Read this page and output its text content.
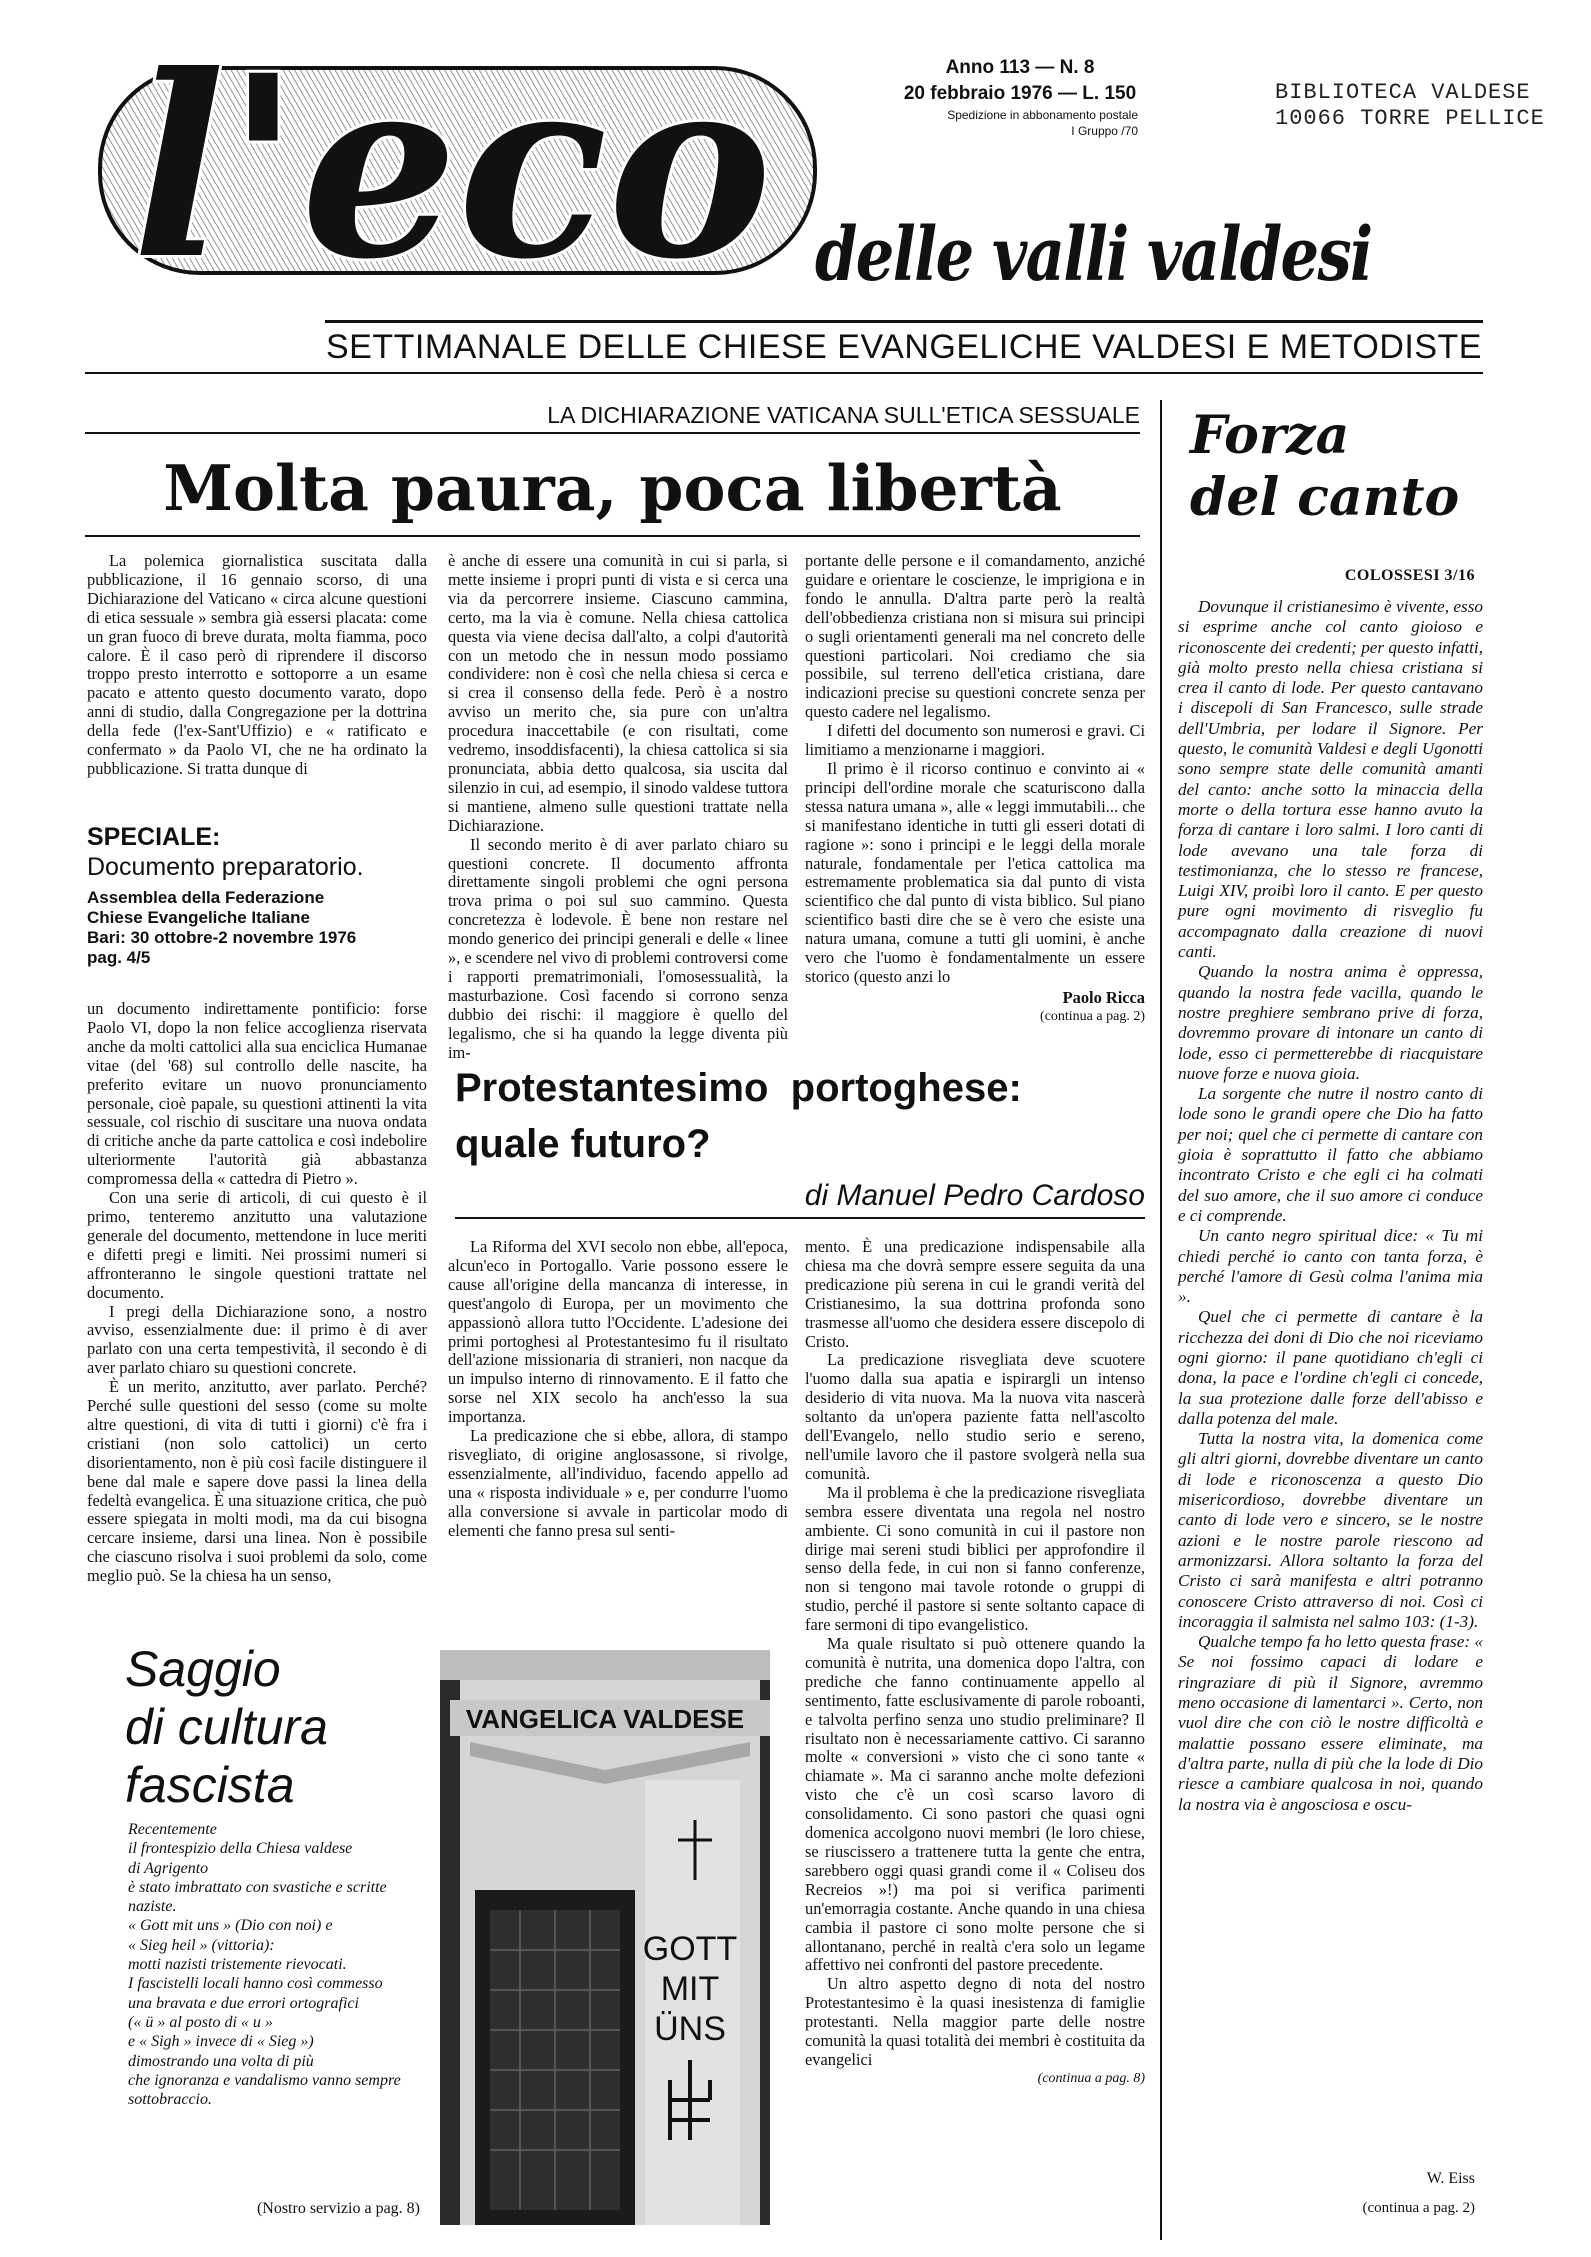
l'eco	Anno 113 — N. 8
20 febbraio 1976 — L. 150
Spedizione in abbonamento postale
I Gruppo /70
BIBLIOTECA VALDESE
10066 TORRE PELLICE
delle valli valdesi
SETTIMANALE DELLE CHIESE EVANGELICHE VALDESI E METODISTE
LA DICHIARAZIONE VATICANA SULL'ETICA SESSUALE
Molta paura, poca libertà

La polemica giornalistica suscitata dalla pubblicazione, il 16 gennaio scorso, di una Dichiarazione del Vaticano « circa alcune questioni di etica sessuale » sembra già essersi placata: come un gran fuoco di breve durata, molta fiamma, poco calore. È il caso però di riprendere il discorso troppo presto interrotto e sottoporre a un esame pacato e attento questo documento varato, dopo anni di studio, dalla Congregazione per la dottrina della fede (l'ex-Sant'Uffizio) e « ratificato e confermato » da Paolo VI, che ne ha ordinato la pubblicazione. Si tratta dunque di

SPECIALE:
Documento preparatorio.
Assemblea della Federazione
Chiese Evangeliche Italiane
Bari: 30 ottobre-2 novembre 1976
pag. 4/5

un documento indirettamente pontificio: forse Paolo VI, dopo la non felice accoglienza riservata anche da molti cattolici alla sua enciclica Humanae vitae (del '68) sul controllo delle nascite, ha preferito evitare un nuovo pronunciamento personale, cioè papale, su questioni attinenti la vita sessuale, col rischio di suscitare una nuova ondata di critiche anche da parte cattolica e così indebolire ulteriormente l'autorità già abbastanza compromessa della « cattedra di Pietro ».

Con una serie di articoli, di cui questo è il primo, tenteremo anzitutto una valutazione generale del documento, mettendone in luce meriti e difetti pregi e limiti. Nei prossimi numeri si affronteranno le singole questioni trattate nel documento.

I pregi della Dichiarazione sono, a nostro avviso, essenzialmente due: il primo è di aver parlato con una certa tempestività, il secondo è di aver parlato chiaro su questioni concrete.

È un merito, anzitutto, aver parlato. Perché? Perché sulle questioni del sesso (come su molte altre questioni, di vita di tutti i giorni) c'è fra i cristiani (non solo cattolici) un certo disorientamento, non è più così facile distinguere il bene dal male e sapere dove passi la linea della fedeltà evangelica. È una situazione critica, che può essere spiegata in molti modi, ma da cui bisogna cercare insieme, darsi una linea. Non è possibile che ciascuno risolva i suoi problemi da solo, come meglio può. Se la chiesa ha un senso,

è anche di essere una comunità in cui si parla, si mette insieme i propri punti di vista e si cerca una via da percorrere insieme. Ciascuno cammina, certo, ma la via è comune. Nella chiesa cattolica questa via viene decisa dall'alto, a colpi d'autorità con un metodo che in nessun modo possiamo condividere: non è così che nella chiesa si cerca e si crea il consenso della fede. Però è a nostro avviso un merito che, sia pure con un'altra procedura inaccettabile (e con risultati, come vedremo, insoddisfacenti), la chiesa cattolica si sia pronunciata, abbia detto qualcosa, sia uscita dal silenzio in cui, ad esempio, il sinodo valdese tuttora si mantiene, almeno sulle questioni trattate nella Dichiarazione.

Il secondo merito è di aver parlato chiaro su questioni concrete. Il documento affronta direttamente singoli problemi che ogni persona trova prima o poi sul suo cammino. Questa concretezza è lodevole. È bene non restare nel mondo generico dei principi generali e delle « linee », e scendere nel vivo di problemi controversi come i rapporti prematrimoniali, l'omosessualità, la masturbazione. Così facendo si corrono senza dubbio dei rischi: il maggiore è quello del legalismo, che si ha quando la legge diventa più im-

portante delle persone e il comandamento, anziché guidare e orientare le coscienze, le imprigiona e in fondo le annulla. D'altra parte però la realtà dell'obbedienza cristiana non si misura sui principi o sugli orientamenti generali ma nel concreto delle questioni particolari. Noi crediamo che sia possibile, sul terreno dell'etica cristiana, dare indicazioni precise su questioni concrete senza per questo cadere nel legalismo.

I difetti del documento son numerosi e gravi. Ci limitiamo a menzionarne i maggiori.

Il primo è il ricorso continuo e convinto ai « principi dell'ordine morale che scaturiscono dalla stessa natura umana », alle « leggi immutabili... che si manifestano identiche in tutti gli esseri dotati di ragione »: sono i principi e le leggi della morale naturale, fondamentale per l'etica cattolica ma estremamente problematica sia dal punto di vista scientifico che dal punto di vista biblico. Sul piano scientifico basti dire che se è vero che esiste una natura umana, comune a tutti gli uomini, è anche vero che l'uomo è fondamentalmente un essere storico (questo anzi lo

Paolo Ricca
(continua a pag. 2)
Protestantesimo  portoghese:
quale futuro?
di Manuel Pedro Cardoso

La Riforma del XVI secolo non ebbe, all'epoca, alcun'eco in Portogallo. Varie possono essere le cause all'origine della mancanza di interesse, in quest'angolo di Europa, per un movimento che appassionò allora tutto l'Occidente. L'adesione dei primi portoghesi al Protestantesimo fu il risultato dell'azione missionaria di stranieri, non nacque da un impulso interno di rinnovamento. E il fatto che sorse nel XIX secolo ha anch'esso la sua importanza.

La predicazione che si ebbe, allora, di stampo risvegliato, di origine anglosassone, si rivolge, essenzialmente, all'individuo, facendo appello ad una « risposta individuale » e, per condurre l'uomo alla conversione si avvale in particolar modo di elementi che fanno presa sul senti-

mento. È una predicazione indispensabile alla chiesa ma che dovrà sempre essere seguita da una predicazione più serena in cui le grandi verità del Cristianesimo, la sua dottrina profonda sono trasmesse all'uomo che desidera essere discepolo di Cristo.

La predicazione risvegliata deve scuotere l'uomo dalla sua apatia e ispirargli un intenso desiderio di vita nuova. Ma la nuova vita nascerà soltanto da un'opera paziente fatta nell'ascolto dell'Evangelo, nello studio serio e sereno, nell'umile lavoro che il pastore svolgerà nella sua comunità.

Ma il problema è che la predicazione risvegliata sembra essere diventata una regola nel nostro ambiente. Ci sono comunità in cui il pastore non dirige mai sereni studi biblici per approfondire il senso della fede, in cui non si fanno conferenze, non si tengono mai tavole rotonde o gruppi di studio, perché il pastore si sente soltanto capace di fare sermoni di tipo evangelistico.

Ma quale risultato si può ottenere quando la comunità è nutrita, una domenica dopo l'altra, con prediche che fanno continuamente appello al sentimento, fatte esclusivamente di parole roboanti, e talvolta perfino senza uno studio preliminare? Il risultato non è necessariamente cattivo. Ci saranno molte « conversioni » visto che ci sono tante « chiamate ». Ma ci saranno anche molte defezioni visto che c'è un così scarso lavoro di consolidamento. Ci sono pastori che quasi ogni domenica accolgono nuovi membri (le loro chiese, se riuscissero a trattenere tutta la gente che entra, sarebbero oggi quasi grandi come il « Coliseu dos Recreios »!) ma poi si verifica parimenti un'emorragia costante. Anche quando in una chiesa cambia il pastore ci sono molte persone che si allontanano, perché in realtà c'era solo un legame affettivo nei confronti del pastore precedente.

Un altro aspetto degno di nota del nostro Protestantesimo è la quasi inesistenza di famiglie protestanti. Nella maggior parte delle nostre comunità la quasi totalità dei membri è costituita da evangelici

(continua a pag. 8)
Saggio
di cultura
fascista
Recentemente
il frontespizio della Chiesa valdese
di Agrigento
è stato imbrattato con svastiche e scritte
naziste.
« Gott mit uns » (Dio con noi) e
« Sieg heil » (vittoria):
motti nazisti tristemente rievocati.
I fascistelli locali hanno così commesso
una bravata e due errori ortografici
(« ü » al posto di « u »
e « Sigh » invece di « Sieg »)
dimostrando una volta di più
che ignoranza e vandalismo vanno sempre
sottobraccio.
(Nostro servizio a pag. 8)
VANGELICA VALDESE
GOTT
MIT
ÜNS
Forza
del canto
COLOSSESI 3/16

Dovunque il cristianesimo è vivente, esso si esprime anche col canto gioioso e riconoscente dei credenti; per questo infatti, già molto presto nella chiesa cristiana si crea il canto di lode. Per questo cantavano i discepoli di San Francesco, sulle strade dell'Umbria, per lodare il Signore. Per questo, le comunità Valdesi e degli Ugonotti sono sempre state delle comunità amanti del canto: anche sotto la minaccia della morte o della tortura esse hanno avuto la forza di cantare i loro salmi. I loro canti di lode avevano una tale forza di testimonianza, che lo stesso re francese, Luigi XIV, proibì loro il canto. E per questo pure ogni movimento di risveglio fu accompagnato dalla creazione di nuovi canti.

Quando la nostra anima è oppressa, quando la nostra fede vacilla, quando le nostre preghiere sembrano prive di forza, dovremmo provare di intonare un canto di lode, esso ci permetterebbe di riacquistare nuove forze e nuova gioia.

La sorgente che nutre il nostro canto di lode sono le grandi opere che Dio ha fatto per noi; quel che ci permette di cantare con gioia è soprattutto il fatto che abbiamo incontrato Cristo e che egli ci ha colmati del suo amore, che il suo amore ci conduce e ci comprende.

Un canto negro spiritual dice: « Tu mi chiedi perché io canto con tanta forza, è perché l'amore di Gesù colma l'anima mia ».

Quel che ci permette di cantare è la ricchezza dei doni di Dio che noi riceviamo ogni giorno: il pane quotidiano ch'egli ci dona, la pace e l'ordine ch'egli ci concede, la sua protezione dalle forze dell'abisso e dalla potenza del male.

Tutta la nostra vita, la domenica come gli altri giorni, dovrebbe diventare un canto di lode e riconoscenza a questo Dio misericordioso, dovrebbe diventare un canto di lode vero e sincero, se le nostre azioni e le nostre parole riescono ad armonizzarsi. Allora soltanto la forza del Cristo ci sarà manifesta e altri potranno conoscere Cristo attraverso di noi. Così ci incoraggia il salmista nel salmo 103: (1-3).

Qualche tempo fa ho letto questa frase: « Se noi fossimo capaci di lodare e ringraziare di più il Signore, avremmo meno occasione di lamentarci ». Certo, non vuol dire che con ciò le nostre difficoltà e malattie possano essere eliminate, ma d'altra parte, nulla di più che la lode di Dio riesce a cambiare qualcosa in noi, quando la nostra via è angosciosa e oscu-

W. Eiss
(continua a pag. 2)
